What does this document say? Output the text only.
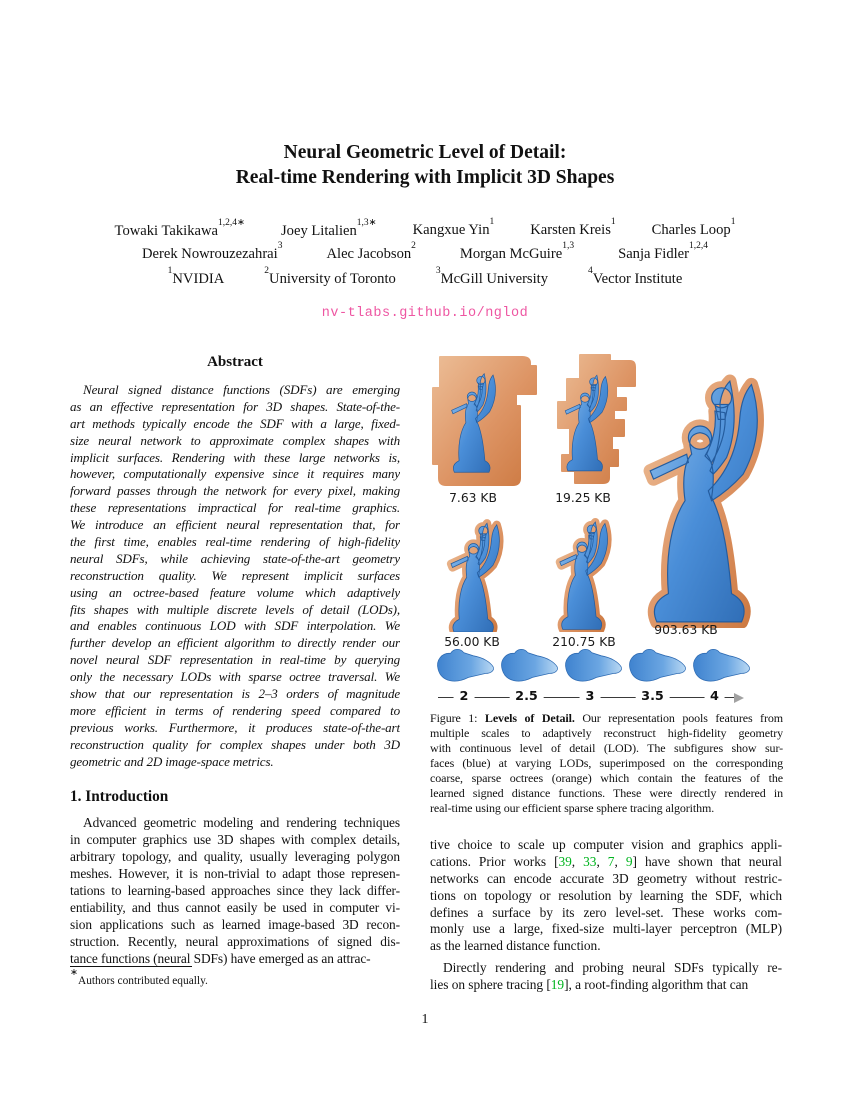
Neural Geometric Level of Detail:
Real-time Rendering with Implicit 3D Shapes
Towaki Takikawa$^{1,2,4∗}$ Joey Litalien$^{1,3∗}$ Kangxue Yin$^1$ Karsten Kreis$^1$ Charles Loop$^1$
Derek Nowrouzezahrai$^3$	Alec Jacobson$^2$	Morgan McGuire$^{1,3}$	Sanja Fidler$^{1,2,4}$
$^1$NVIDIA	$^2$University of Toronto	$^3$McGill University	$^4$Vector Institute
nv-tlabs.github.io/nglod
Abstract
Neural signed distance functions (SDFs) are emerging
as an effective representation for 3D shapes. State-of-the-
art methods typically encode the SDF with a large, fixed-
size neural network to approximate complex shapes with
implicit surfaces. Rendering with these large networks is,
however, computationally expensive since it requires many
forward passes through the network for every pixel, making
these representations impractical for real-time graphics.
We introduce an efficient neural representation that, for
the first time, enables real-time rendering of high-fidelity
neural SDFs, while achieving state-of-the-art geometry
reconstruction quality. We represent implicit surfaces
using an octree-based feature volume which adaptively
fits shapes with multiple discrete levels of detail (LODs),
and enables continuous LOD with SDF interpolation. We
further develop an efficient algorithm to directly render our
novel neural SDF representation in real-time by querying
only the necessary LODs with sparse octree traversal. We
show that our representation is 2–3 orders of magnitude
more efficient in terms of rendering speed compared to
previous works. Furthermore, it produces state-of-the-art
reconstruction quality for complex shapes under both 3D
geometric and 2D image-space metrics.
1. Introduction
Advanced geometric modeling and rendering techniques
in computer graphics use 3D shapes with complex details,
arbitrary topology, and quality, usually leveraging polygon
meshes. However, it is non-trivial to adapt those represen-
tations to learning-based approaches since they lack differ-
entiability, and thus cannot easily be used in computer vi-
sion applications such as learned image-based 3D recon-
struction. Recently, neural approximations of signed dis-
tance functions (neural SDFs) have emerged as an attrac-
∗Authors contributed equally.
7.63 KB	19.25 KB
56.00 KB	210.75 KB
903.63 KB
2	2.5	3	3.5	4
Figure 1: Levels of Detail. Our representation pools features from
multiple scales to adaptively reconstruct high-fidelity geometry
with continuous level of detail (LOD). The subfigures show sur-
faces (blue) at varying LODs, superimposed on the corresponding
coarse, sparse octrees (orange) which contain the features of the
learned signed distance functions. These were directly rendered in
real-time using our efficient sparse sphere tracing algorithm.
tive choice to scale up computer vision and graphics appli-
cations. Prior works [39, 33, 7, 9] have shown that neural
networks can encode accurate 3D geometry without restric-
tions on topology or resolution by learning the SDF, which
defines a surface by its zero level-set. These works com-
monly use a large, fixed-size multi-layer perceptron (MLP)
as the learned distance function.
Directly rendering and probing neural SDFs typically re-
lies on sphere tracing [19], a root-finding algorithm that can
1
